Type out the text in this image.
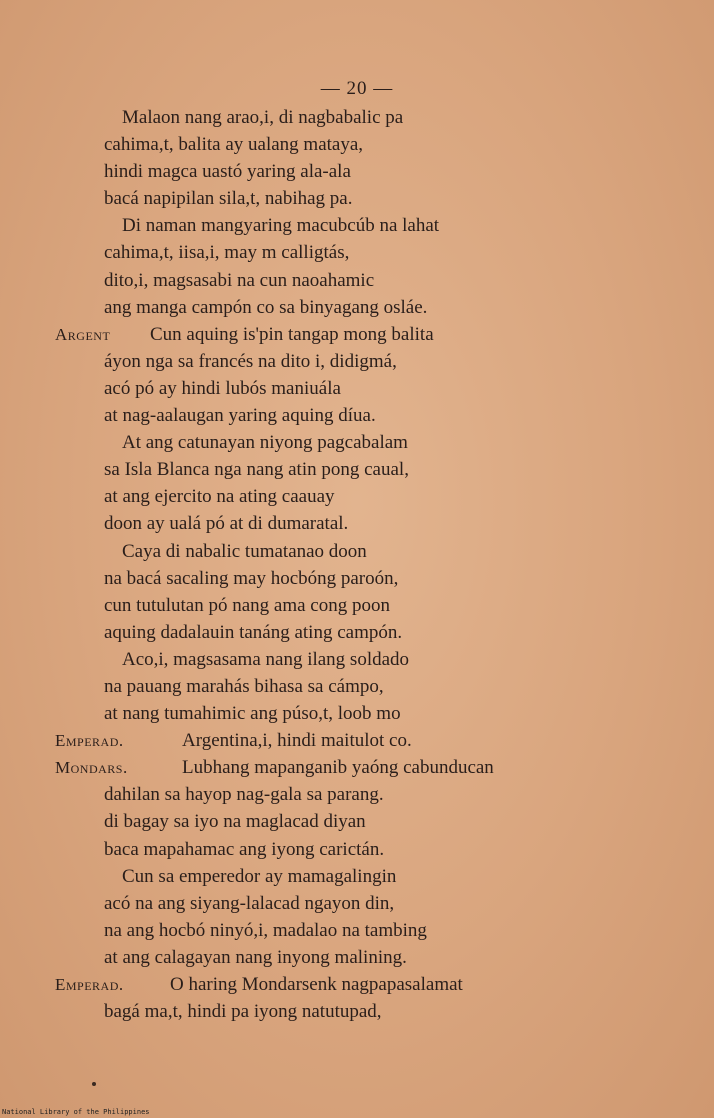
— 20 —
Malaon nang arao,i, di nagbabalic pa
cahima,t, balita ay ualang mataya,
hindi magca uastó yaring ala-ala
bacá napipilan sila,t, nabihag pa.
Di naman mangyaring macubcúb na lahat
cahima,t, iisa,i, may m calligtás,
dito,i, magsasabi na cun naoahamic
ang manga campón co sa binyagang osláe.
Argent Cun aquing is'pin tangap mong balita
áyon nga sa francés na dito i, didigmá,
acó pó ay hindi lubós maniuála
at nag-aalaugan yaring aquing díua.
At ang catunayan niyong pagcabalam
sa Isla Blanca nga nang atin pong caual,
at ang ejercito na ating caauay
doon ay ualá pó at di dumaratal.
Caya di nabalic tumatanao doon
na bacá sacaling may hocbóng paroón,
cun tutulutan pó nang ama cong poon
aquing dadalauin tanáng ating campón.
Aco,i, magsasama nang ilang soldado
na pauang marahás bihasa sa cámpo,
at nang tumahimic ang púso,t, loob mo
Emperad.	Argentina,i, hindi maitulot co.
Mondars.	Lubhang mapanganib yaóng cabunducan
dahilan sa hayop nag-gala sa parang.
di bagay sa iyo na maglacad diyan
baca mapahamac ang iyong carictán.
Cun sa emperedor ay mamagalingin
acó na ang siyang-lalacad ngayon din,
na ang hocbó ninyó,i, madalao na tambing
at ang calagayan nang inyong malining.
Emperad. O haring Mondarsenk nagpapasalamat
bagá ma,t, hindi pa iyong natutupad,
National Library of the Philippines
